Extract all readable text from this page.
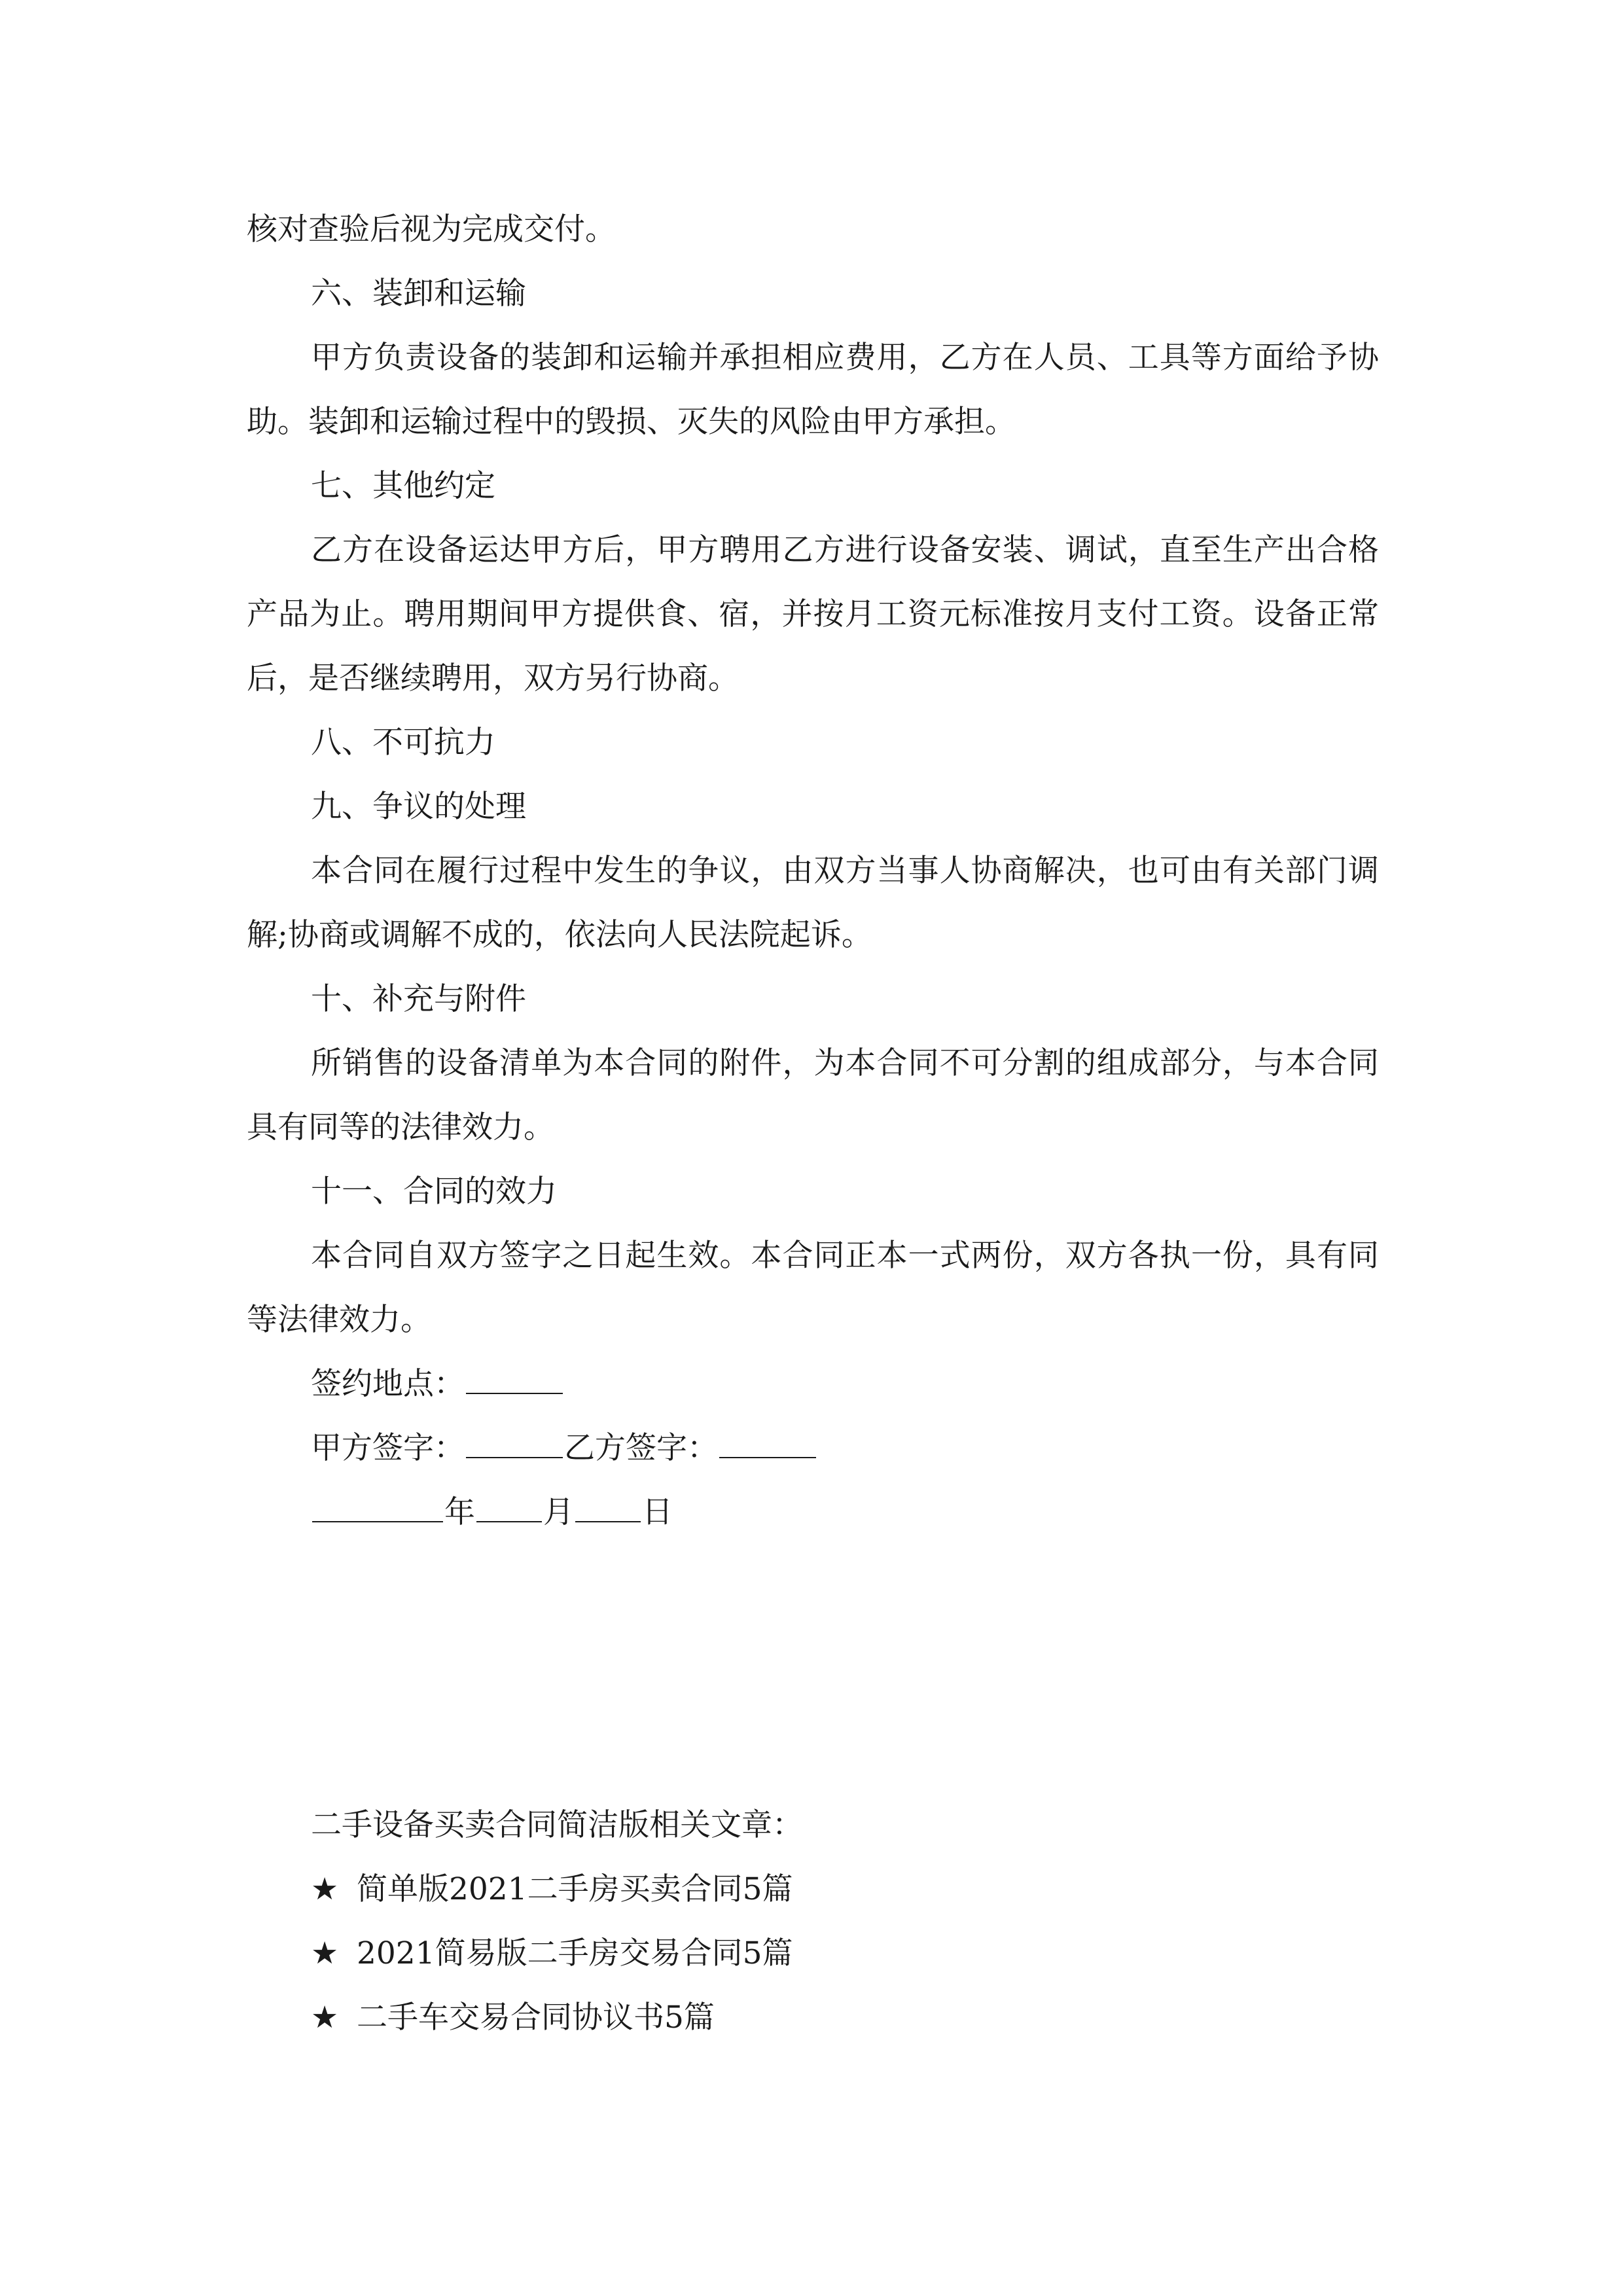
核对查验后视为完成交付。

六、装卸和运输

甲方负责设备的装卸和运输并承担相应费用，乙方在人员、工具等方面给予协助。装卸和运输过程中的毁损、灭失的风险由甲方承担。

七、其他约定

乙方在设备运达甲方后，甲方聘用乙方进行设备安装、调试，直至生产出合格产品为止。聘用期间甲方提供食、宿，并按月工资元标准按月支付工资。设备正常后，是否继续聘用，双方另行协商。

八、不可抗力

九、争议的处理

本合同在履行过程中发生的争议，由双方当事人协商解决，也可由有关部门调解;协商或调解不成的，依法向人民法院起诉。

十、补充与附件

所销售的设备清单为本合同的附件，为本合同不可分割的组成部分，与本合同具有同等的法律效力。

十一、合同的效力

本合同自双方签字之日起生效。本合同正本一式两份，双方各执一份，具有同等法律效力。

签约地点：

甲方签字：	乙方签字：

年 月 日

二手设备买卖合同简洁版相关文章：

★ 简单版2021二手房买卖合同5篇

★ 2021简易版二手房交易合同5篇

★ 二手车交易合同协议书5篇
